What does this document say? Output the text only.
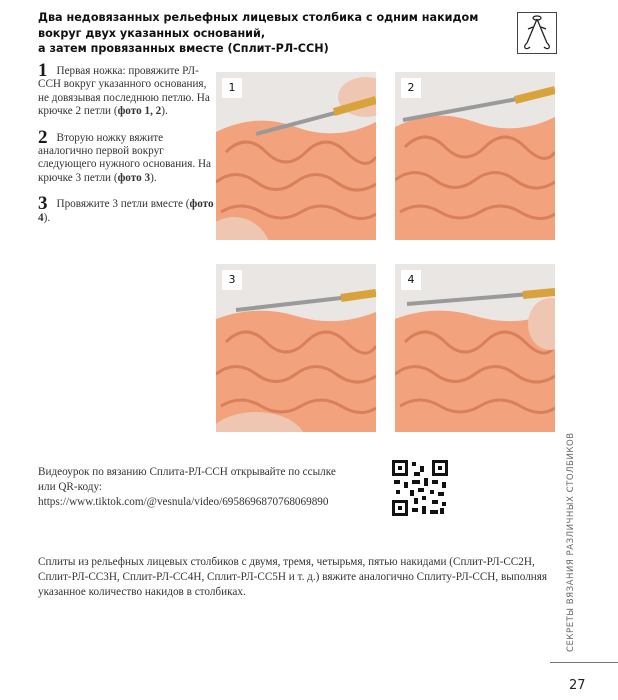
Два недовязанных рельефных лицевых столбика с одним накидом
вокруг двух указанных оснований,
а затем провязанных вместе (Сплит-РЛ-ССН)
1 Первая ножка: провяжите РЛ-ССН вокруг указанного основания, не довязывая последнюю петлю. На крючке 2 петли (фото 1, 2).
2 Вторую ножку вяжите аналогично первой вокруг следующего нужного основания. На крючке 3 петли (фото 3).
3 Провяжите 3 петли вместе (фото 4).
1	2
3	4
Видеоурок по вязанию Сплита-РЛ-ССН открывайте по ссылке
или QR-коду:
https://www.tiktok.com/@vesnula/video/6958696870768069890
Сплиты из рельефных лицевых столбиков с двумя, тремя, четырьмя, пятью накидами (Сплит-РЛ-СС2Н, Сплит-РЛ-СС3Н, Сплит-РЛ-СС4Н, Сплит-РЛ-СС5Н и т. д.) вяжите аналогично Сплиту-РЛ-ССН, выполняя указанное количество накидов в столбиках.	СЕКРЕТЫ ВЯЗАНИЯ РАЗЛИЧНЫХ СТОЛБИКОВ
27
